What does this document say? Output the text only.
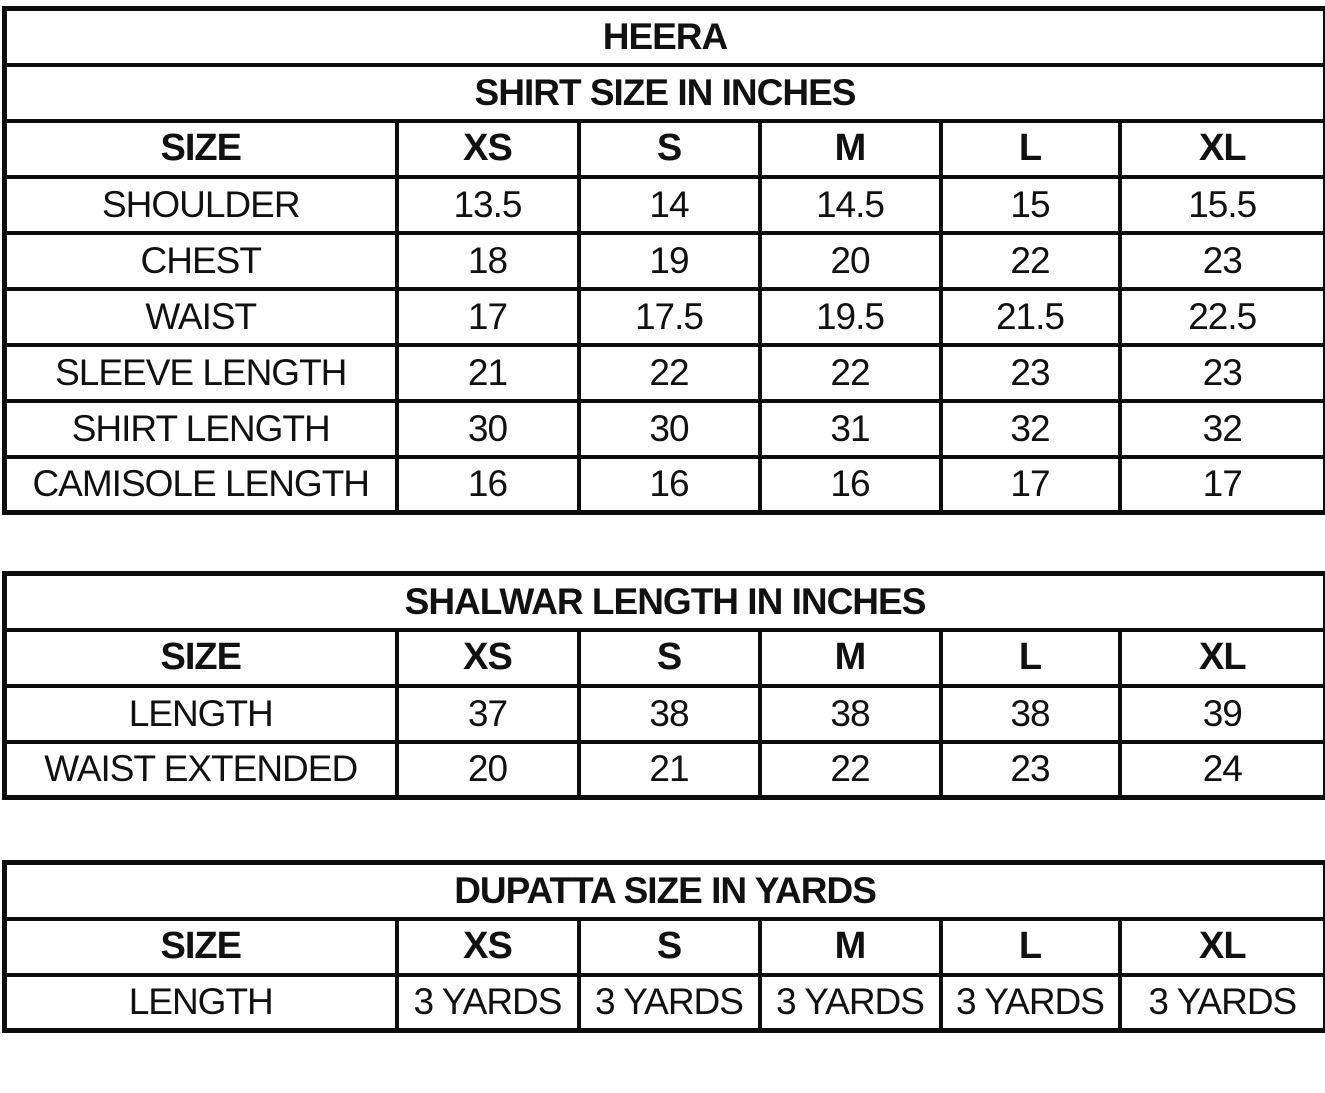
HEERA					
SHIRT SIZE IN INCHES					
SIZE	XS	S	M	L	XL
SHOULDER	13.5	14	14.5	15	15.5
CHEST	18	19	20	22	23
WAIST	17	17.5	19.5	21.5	22.5
SLEEVE LENGTH	21	22	22	23	23
SHIRT LENGTH	30	30	31	32	32
CAMISOLE LENGTH	16	16	16	17	17
SHALWAR LENGTH IN INCHES					
SIZE	XS	S	M	L	XL
LENGTH	37	38	38	38	39
WAIST EXTENDED	20	21	22	23	24
DUPATTA SIZE IN YARDS					
SIZE	XS	S	M	L	XL
LENGTH	3 YARDS	3 YARDS	3 YARDS	3 YARDS	3 YARDS
